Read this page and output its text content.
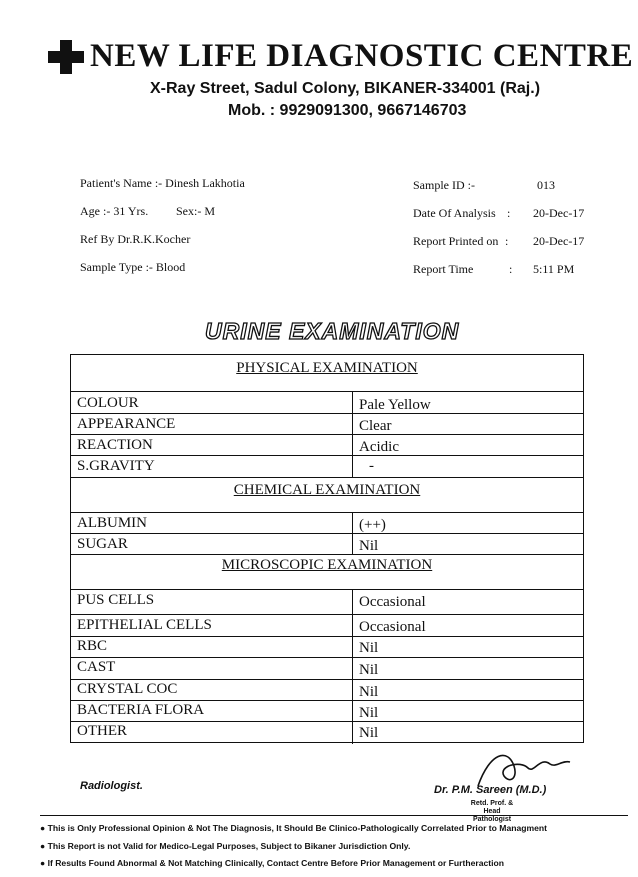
NEW LIFE DIAGNOSTIC CENTRE
X-Ray Street, Sadul Colony, BIKANER-334001 (Raj.)
Mob. : 9929091300, 9667146703
Patient's Name :- Dinesh Lakhotia
Age :- 31 Yrs. Sex:- M
Ref By Dr.R.K.Kocher
Sample Type :- Blood
Sample ID :-	013
Date Of Analysis : 20-Dec-17
Report Printed on : 20-Dec-17
Report Time	: 5:11 PM
URINE EXAMINATION
PHYSICAL EXAMINATION
COLOUR	Pale Yellow
APPEARANCE	Clear
REACTION	Acidic
S.GRAVITY	-
CHEMICAL EXAMINATION
ALBUMIN	(++)
SUGAR	Nil
MICROSCOPIC EXAMINATION
PUS CELLS	Occasional
EPITHELIAL CELLS	Occasional
RBC	Nil
CAST	Nil
CRYSTAL COC	Nil
BACTERIA FLORA	Nil
OTHER	Nil
Radiologist.	Dr. P.M. Sareen (M.D.)
Retd. Prof. & Head
Pathologist
● This is Only Professional Opinion & Not The Diagnosis, It Should Be Clinico-Pathologically Correlated Prior to Managment
● This Report is not Valid for Medico-Legal Purposes, Subject to Bikaner Jurisdiction Only.
● If Results Found Abnormal & Not Matching Clinically, Contact Centre Before Prior Management or Furtheraction
